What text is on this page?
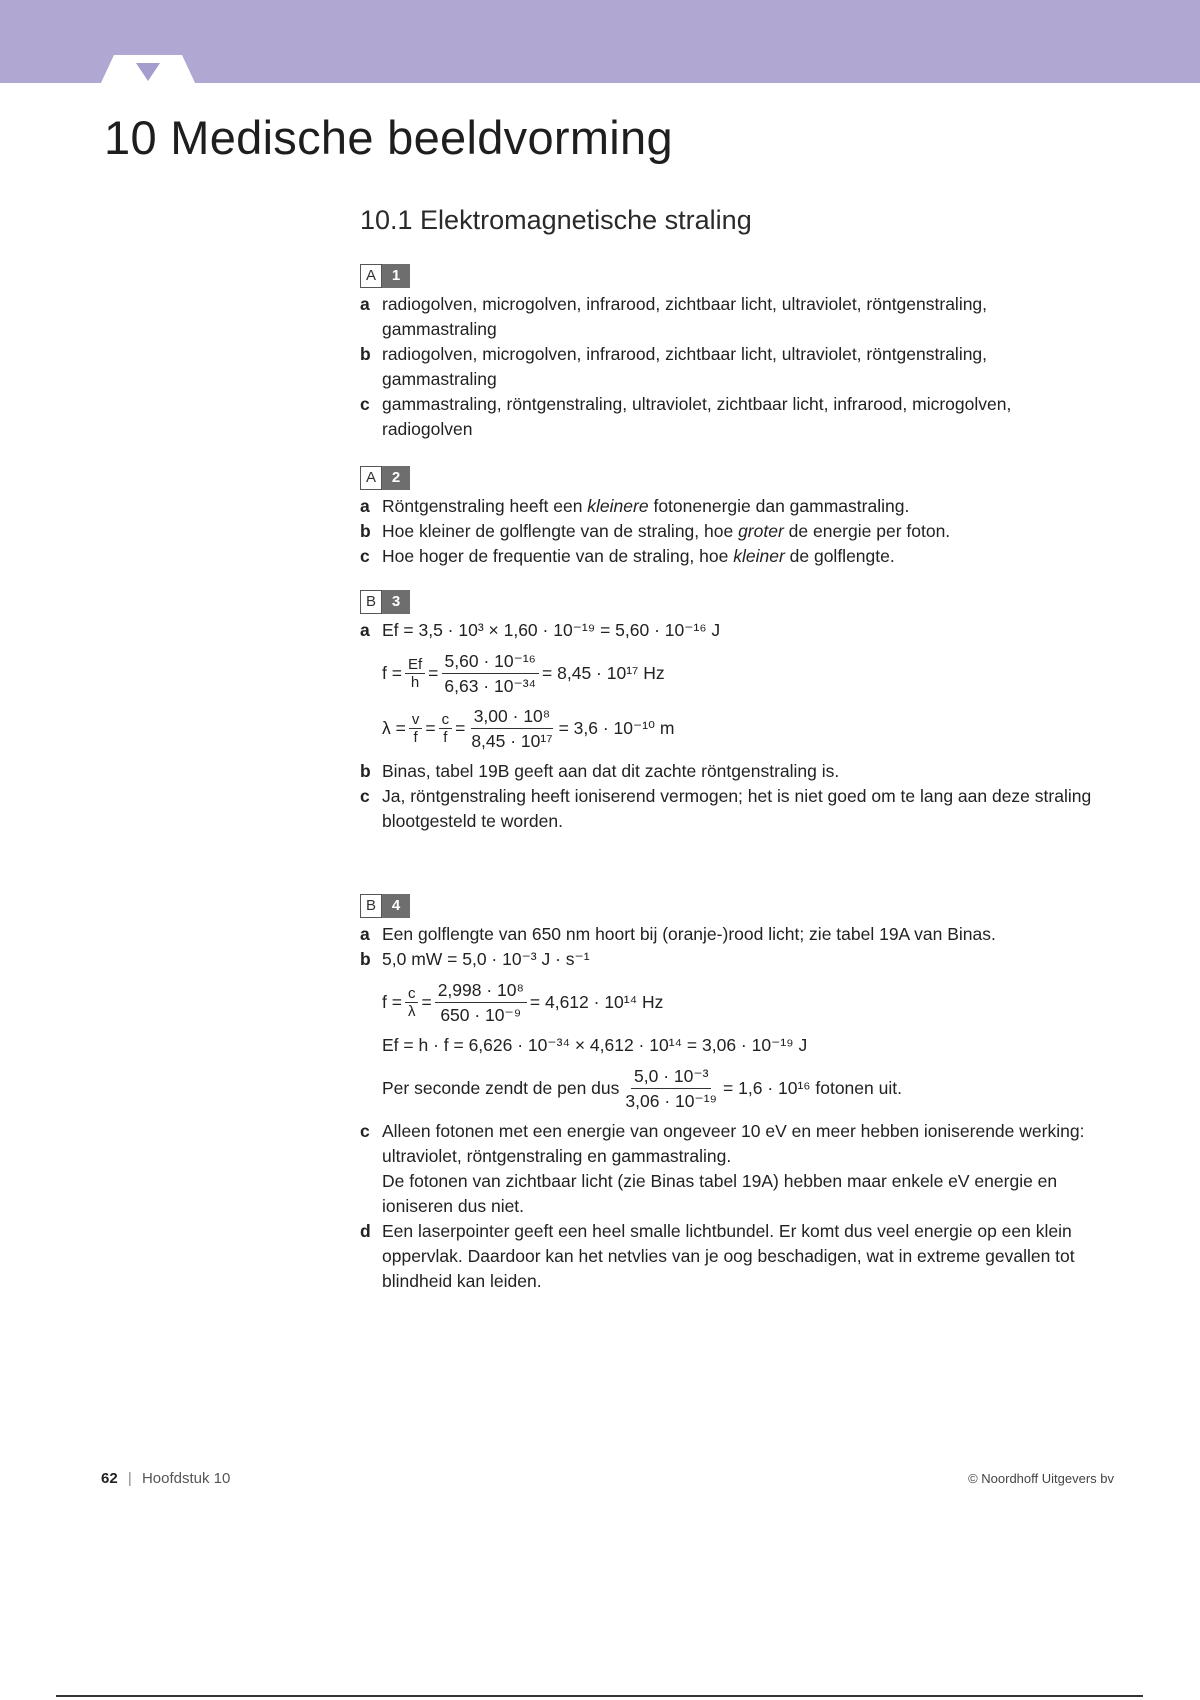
10 Medische beeldvorming
10.1 Elektromagnetische straling
A	1
a radiogolven, microgolven, infrarood, zichtbaar licht, ultraviolet, röntgenstraling, gammastraling
b radiogolven, microgolven, infrarood, zichtbaar licht, ultraviolet, röntgenstraling, gammastraling
c gammastraling, röntgenstraling, ultraviolet, zichtbaar licht, infrarood, microgolven, radiogolven
A	2
a Röntgenstraling heeft een kleinere fotonenergie dan gammastraling.
b Hoe kleiner de golflengte van de straling, hoe groter de energie per foton.
c Hoe hoger de frequentie van de straling, hoe kleiner de golflengte.
B	3
a Ef = 3,5 · 10³ × 1,60 · 10⁻¹⁹ = 5,60 · 10⁻¹⁶ J
$f = \frac{Ef}{h} = \frac{\text{5,60 · 10⁻¹⁶}}{\text{6,63 · 10⁻³⁴}} = 8,45 \cdot 10^{17}$ Hz
$\lambda = \frac{v}{f} = \frac{c}{f} = \frac{\text{3,00 · 10⁸}}{\text{8,45 · 10¹⁷}} = 3,6 \cdot 10^{-10}$ m
b Binas, tabel 19B geeft aan dat dit zachte röntgenstraling is.
c Ja, röntgenstraling heeft ioniserend vermogen; het is niet goed om te lang aan deze straling blootgesteld te worden.
B	4
a Een golflengte van 650 nm hoort bij (oranje-)rood licht; zie tabel 19A van Binas.
b 5,0 mW = 5,0 · 10⁻³ J · s⁻¹
$f = \frac{c}{\lambda} = \frac{\text{2,998 · 10⁸}}{\text{650 · 10⁻⁹}} = 4,612 \cdot 10^{14}$ Hz
Ef = h · f = 6,626 · 10⁻³⁴ × 4,612 · 10¹⁴ = 3,06 · 10⁻¹⁹ J
Per seconde zendt de pen dus $\frac{\text{5,0 · 10⁻³}}{\text{3,06 · 10⁻¹⁹}} = 1,6 \cdot 10^{16}$ fotonen uit.
c Alleen fotonen met een energie van ongeveer 10 eV en meer hebben ioniserende werking: ultraviolet, röntgenstraling en gammastraling.
De fotonen van zichtbaar licht (zie Binas tabel 19A) hebben maar enkele eV energie en ioniseren dus niet.
d Een laserpointer geeft een heel smalle lichtbundel. Er komt dus veel energie op een klein oppervlak. Daardoor kan het netvlies van je oog beschadigen, wat in extreme gevallen tot blindheid kan leiden.
62 | Hoofdstuk 10	© Noordhoff Uitgevers bv
